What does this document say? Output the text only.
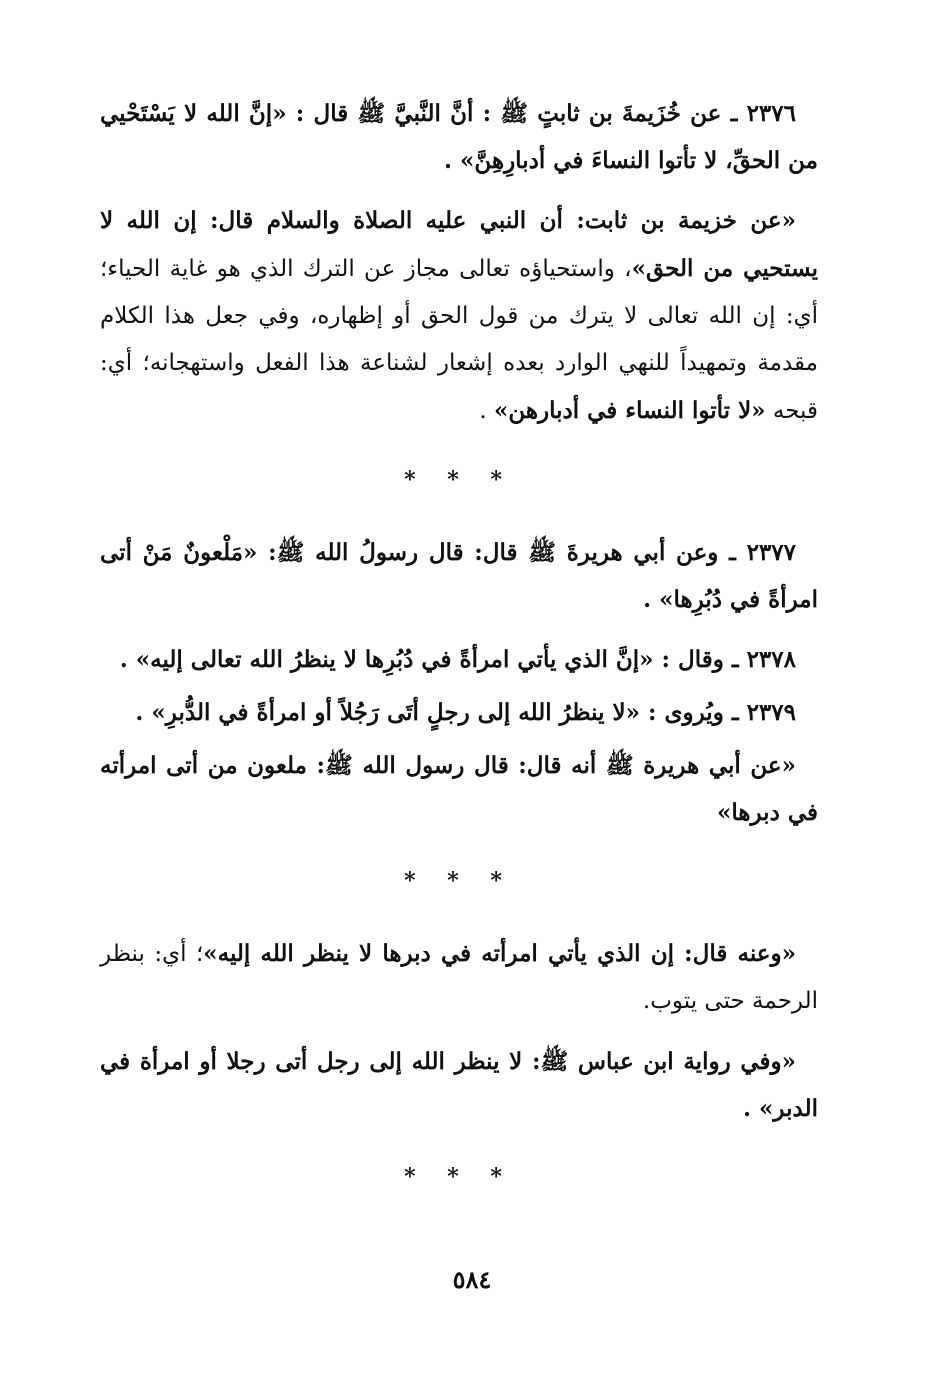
٢٣٧٦ ـ عن خُزَيمةَ بن ثابتٍ ﷺ : أنَّ النَّبيَّ ﷺ قال : «إنَّ الله لا يَسْتَحْيي من الحقِّ، لا تأتوا النساءَ في أدبارِهِنَّ» .

«عن خزيمة بن ثابت: أن النبي عليه الصلاة والسلام قال: إن الله لا يستحيي من الحق»، واستحياؤه تعالى مجاز عن الترك الذي هو غاية الحياء؛ أي: إن الله تعالى لا يترك من قول الحق أو إظهاره، وفي جعل هذا الكلام مقدمة وتمهيداً للنهي الوارد بعده إشعار لشناعة هذا الفعل واستهجانه؛ أي: قبحه «لا تأتوا النساء في أدبارهن» .

* * *

٢٣٧٧ ـ وعن أبي هريرةَ ﷺ قال: قال رسولُ الله ﷺ: «مَلْعونٌ مَنْ أتى امرأةً في دُبُرِها» .

٢٣٧٨ ـ وقال : «إنَّ الذي يأتي امرأةً في دُبُرِها لا ينظرُ الله تعالى إليه» .

٢٣٧٩ ـ ويُروى : «لا ينظرُ الله إلى رجلٍ أتَى رَجُلاً أو امرأةً في الدُّبرِ» .

«عن أبي هريرة ﷺ أنه قال: قال رسول الله ﷺ: ملعون من أتى امرأته في دبرها»

* * *

«وعنه قال: إن الذي يأتي امرأته في دبرها لا ينظر الله إليه»؛ أي: بنظر الرحمة حتى يتوب.

«وفي رواية ابن عباس ﷺ: لا ينظر الله إلى رجل أتى رجلا أو امرأة في الدبر» .

* * *
٥٨٤
